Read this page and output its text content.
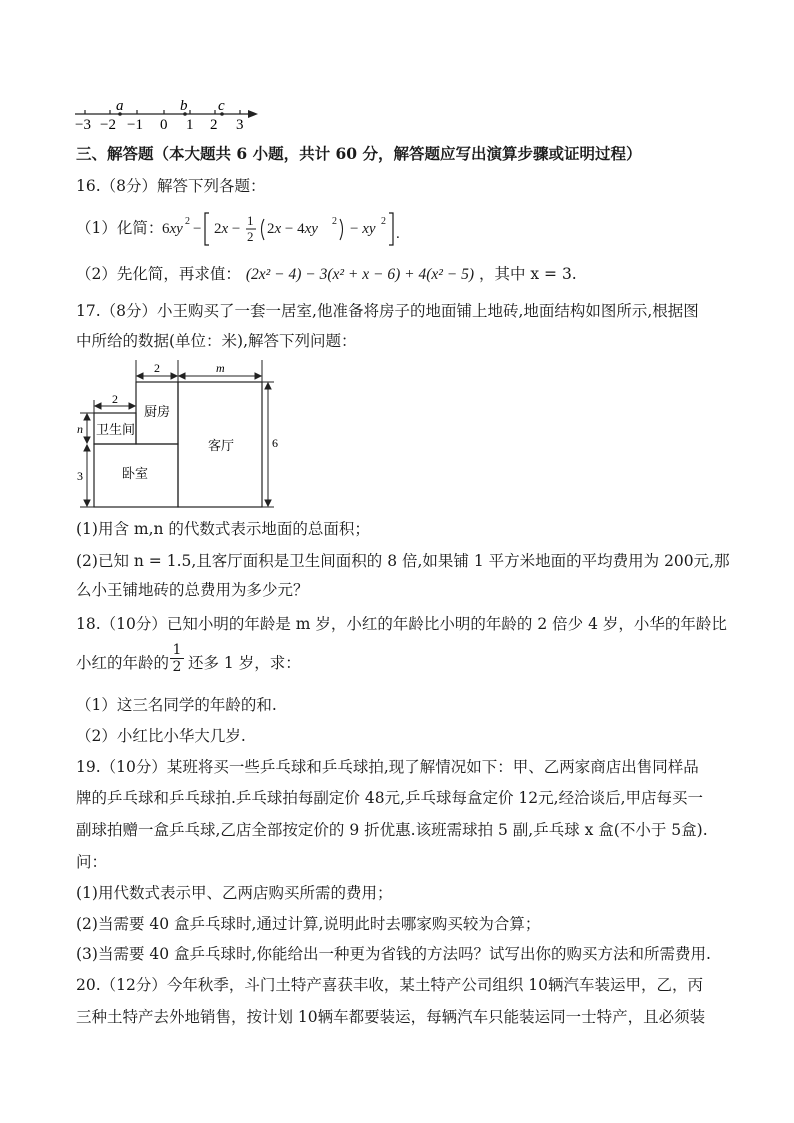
a	b c
−3 −2 −1 0 1 2 3
三、解答题（本大题共 6 小题，共计 60 分，解答题应写出演算步骤或证明过程）
16.（8分）解答下列各题：
（1）化简：
6xy 2 − 2x −
1
2 2x − 4xy 2 − xy 2
.
（2）先化简，再求值： (2x² − 4) − 3(x² + x − 6) + 4(x² − 5) ，其中 x = 3.
17.（8分）小王购买了一套一居室,他准备将房子的地面铺上地砖,地面结构如图所示,根据图
中所给的数据(单位：米),解答下列问题：
厨房
客厅
卫生间
卧室
2	m
2
n
3
6
(1)用含 m,n 的代数式表示地面的总面积；
(2)已知 n = 1.5,且客厅面积是卫生间面积的 8 倍,如果铺 1 平方米地面的平均费用为 200元,那
么小王铺地砖的总费用为多少元？
18.（10分）已知小明的年龄是 m 岁，小红的年龄比小明的年龄的 2 倍少 4 岁，小华的年龄比
小红的年龄的 $\frac{1}{2}$ 还多 1 岁，求：
（1）这三名同学的年龄的和.
（2）小红比小华大几岁.
19.（10分）某班将买一些乒乓球和乒乓球拍,现了解情况如下：甲、乙两家商店出售同样品
牌的乒乓球和乒乓球拍.乒乓球拍每副定价 48元,乒乓球每盒定价 12元,经洽谈后,甲店每买一
副球拍赠一盒乒乓球,乙店全部按定价的 9 折优惠.该班需球拍 5 副,乒乓球 x 盒(不小于 5盒).
问：
(1)用代数式表示甲、乙两店购买所需的费用；
(2)当需要 40 盒乒乓球时,通过计算,说明此时去哪家购买较为合算；
(3)当需要 40 盒乒乓球时,你能给出一种更为省钱的方法吗？试写出你的购买方法和所需费用.
20.（12分）今年秋季，斗门土特产喜获丰收，某土特产公司组织 10辆汽车装运甲，乙，丙
三种土特产去外地销售，按计划 10辆车都要装运，每辆汽车只能装运同一士特产，且必须装
